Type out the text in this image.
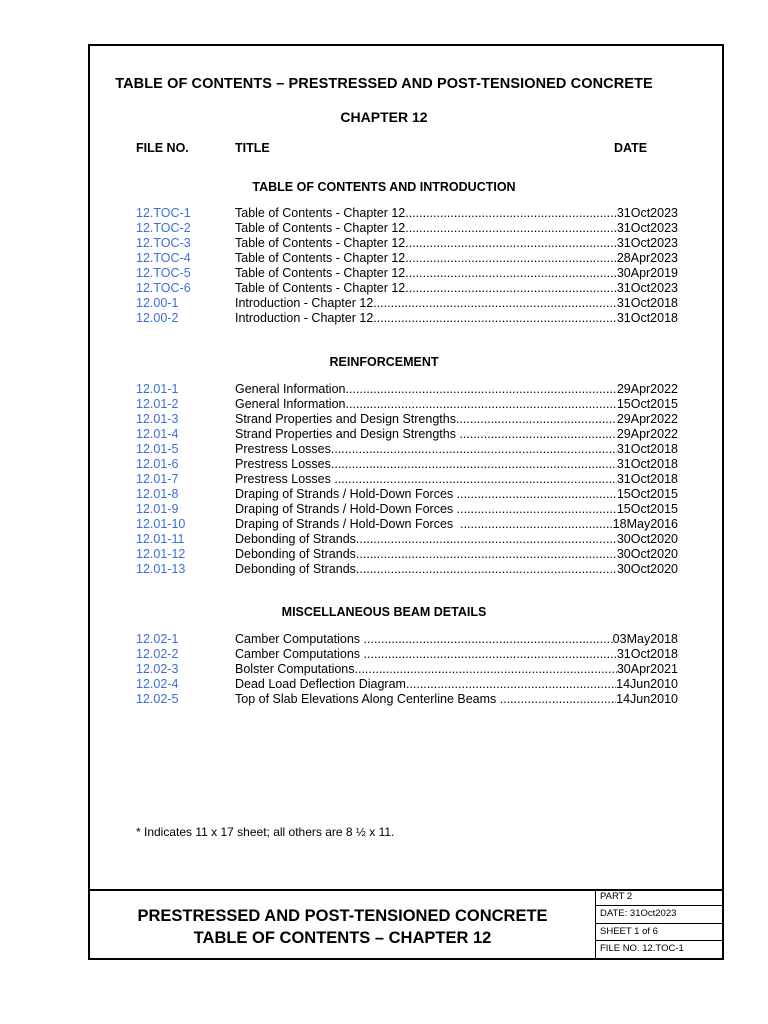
TABLE OF CONTENTS – PRESTRESSED AND POST-TENSIONED CONCRETE
CHAPTER 12
FILE NO.	TITLE	DATE
TABLE OF CONTENTS AND INTRODUCTION
12.TOC-1	Table of Contents - Chapter 12 .....	31Oct2023
12.TOC-2	Table of Contents - Chapter 12 .....	31Oct2023
12.TOC-3	Table of Contents - Chapter 12 .....	31Oct2023
12.TOC-4	Table of Contents - Chapter 12 .....	28Apr2023
12.TOC-5	Table of Contents - Chapter 12 .....	30Apr2019
12.TOC-6	Table of Contents - Chapter 12 .....	31Oct2023
12.00-1	Introduction - Chapter 12 .....	31Oct2018
12.00-2	Introduction - Chapter 12 .....	31Oct2018
REINFORCEMENT
12.01-1	General Information .....	29Apr2022
12.01-2	General Information .....	15Oct2015
12.01-3	Strand Properties and Design Strengths .....	29Apr2022
12.01-4	Strand Properties and Design Strengths .....	29Apr2022
12.01-5	Prestress Losses .....	31Oct2018
12.01-6	Prestress Losses .....	31Oct2018
12.01-7	Prestress Losses .....	31Oct2018
12.01-8	Draping of Strands / Hold-Down Forces .....	15Oct2015
12.01-9	Draping of Strands / Hold-Down Forces .....	15Oct2015
12.01-10	Draping of Strands / Hold-Down Forces .....	18May2016
12.01-11	Debonding of Strands .....	30Oct2020
12.01-12	Debonding of Strands .....	30Oct2020
12.01-13	Debonding of Strands .....	30Oct2020
MISCELLANEOUS BEAM DETAILS
12.02-1	Camber Computations .....	03May2018
12.02-2	Camber Computations .....	31Oct2018
12.02-3	Bolster Computations .....	30Apr2021
12.02-4	Dead Load Deflection Diagram .....	14Jun2010
12.02-5	Top of Slab Elevations Along Centerline Beams .....	14Jun2010
* Indicates 11 x 17 sheet; all others are 8 ½ x 11.
PRESTRESSED AND POST-TENSIONED CONCRETE
TABLE OF CONTENTS – CHAPTER 12
PART 2
DATE: 31Oct2023
SHEET 1 of 6
FILE NO. 12.TOC-1
